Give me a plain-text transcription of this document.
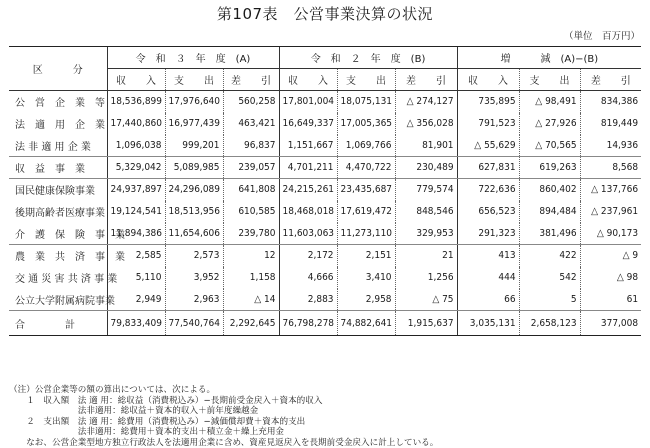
第107表　公営事業決算の状況
（単位　百万円）
区　　　分	令　和　３　年　度　(A)			令　和　２　年　度　(B)			増　　　減　(A)−(B)		
	収　　入	支　　出	差　　引	収　　入	支　　出	差　　引	収　　入	支　　出	差　　引
公　営　企　業　等	18,536,899	17,976,640	560,258	17,801,004	18,075,131	△ 274,127	735,895	△ 98,491	834,386
法　適　用　企　業	17,440,860	16,977,439	463,421	16,649,337	17,005,365	△ 356,028	791,523	△ 27,926	819,449
法 非 適 用 企 業	1,096,038	999,201	96,837	1,151,667	1,069,766	81,901	△ 55,629	△ 70,565	14,936
収　益　事　業	5,329,042	5,089,985	239,057	4,701,211	4,470,722	230,489	627,831	619,263	8,568
国民健康保険事業	24,937,897	24,296,089	641,808	24,215,261	23,435,687	779,574	722,636	860,402	△ 137,766
後期高齢者医療事業	19,124,541	18,513,956	610,585	18,468,018	17,619,472	848,546	656,523	894,484	△ 237,961
介　護　保　険　事　業	11,894,386	11,654,606	239,780	11,603,063	11,273,110	329,953	291,323	381,496	△ 90,173
農　業　共　済　事　業	2,585	2,573	12	2,172	2,151	21	413	422	△ 9
交 通 災 害 共 済 事 業	5,110	3,952	1,158	4,666	3,410	1,256	444	542	△ 98
公立大学附属病院事業	2,949	2,963	△ 14	2,883	2,958	△ 75	66	5	61
合　　　　計	79,833,409	77,540,764	2,292,645	76,798,278	74,882,641	1,915,637	3,035,131	2,658,123	377,008
（注）公営企業等の額の算出については、次による。
　　１　収入額　法 適 用：総収益（消費税込み）−長期前受金戻入＋資本的収入
　　　　　　　　法非適用：総収益＋資本的収入＋前年度繰越金
　　２　支出額　法 適 用：総費用（消費税込み）−減価償却費＋資本的支出
　　　　　　　　法非適用：総費用＋資本的支出＋積立金＋繰上充用金
　　なお、公営企業型地方独立行政法人を法適用企業に含め、資産見返戻入を長期前受金戻入に計上している。
